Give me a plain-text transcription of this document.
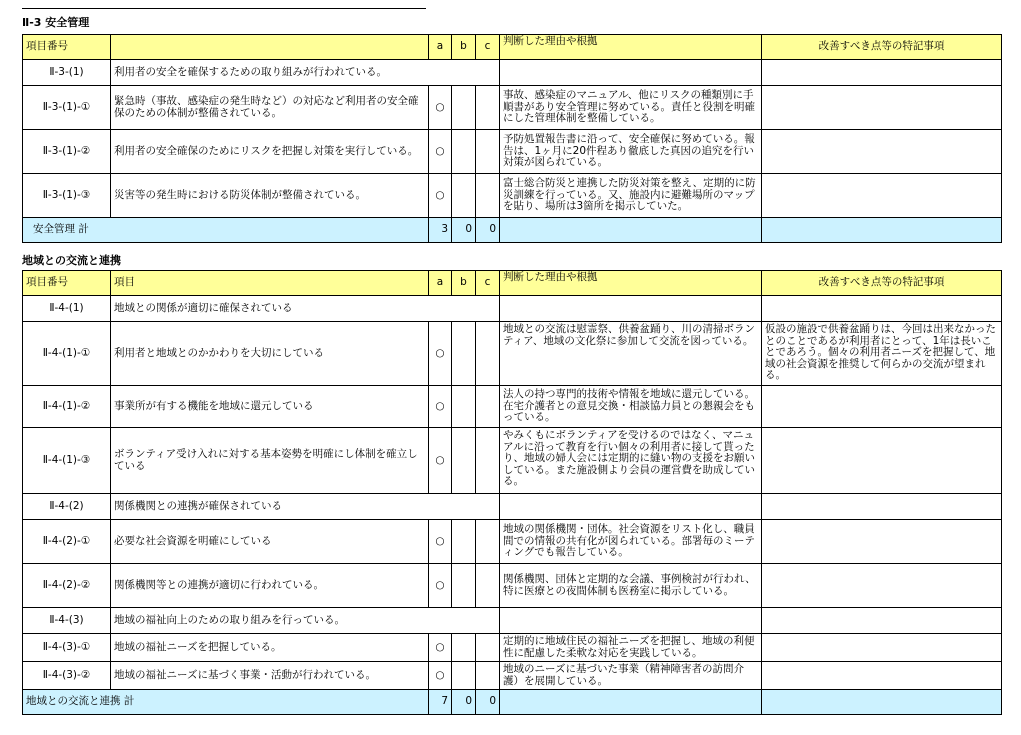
Ⅱ-3 安全管理
項目番号		a	b	c	判断した理由や根拠	改善すべき点等の特記事項
Ⅱ-3-(1)	利用者の安全を確保するための取り組みが行われている。					
Ⅱ-3-(1)-①	緊急時（事故、感染症の発生時など）の対応など利用者の安全確保のための体制が整備されている。	○			事故、感染症のマニュアル、他にリスクの種類別に手順書があり安全管理に努めている。責任と役割を明確にした管理体制を整備している。	
Ⅱ-3-(1)-②	利用者の安全確保のためにリスクを把握し対策を実行している。	○			予防処置報告書に沿って、安全確保に努めている。報告は、1ヶ月に20件程あり徹底した真因の追究を行い対策が図られている。	
Ⅱ-3-(1)-③	災害等の発生時における防災体制が整備されている。	○			富士総合防災と連携した防災対策を整え、定期的に防災訓練を行っている。又、施設内に避難場所のマップを貼り、場所は3箇所を掲示していた。	
安全管理 計		3	0	0		
地域との交流と連携
項目番号	項目	a	b	c	判断した理由や根拠	改善すべき点等の特記事項
Ⅱ-4-(1)	地域との関係が適切に確保されている					
Ⅱ-4-(1)-①	利用者と地域とのかかわりを大切にしている	○			地域との交流は慰霊祭、供養盆踊り、川の清掃ボランティア、地域の文化祭に参加して交流を図っている。	仮設の施設で供養盆踊りは、今回は出来なかったとのことであるが利用者にとって、1年は長いことであろう。個々の利用者ニーズを把握して、地域の社会資源を推奨して何らかの交流が望まれる。
Ⅱ-4-(1)-②	事業所が有する機能を地域に還元している	○			法人の持つ専門的技術や情報を地域に還元している。在宅介護者との意見交換・相談協力員との懇親会をもっている。	
Ⅱ-4-(1)-③	ボランティア受け入れに対する基本姿勢を明確にし体制を確立している	○			やみくもにボランティアを受けるのではなく、マニュアルに沿って教育を行い個々の利用者に接して貰ったり、地域の婦人会には定期的に縫い物の支援をお願いしている。また施設側より会員の運営費を助成している。	

Ⅱ-4-(2)	関係機関との連携が確保されている					
Ⅱ-4-(2)-①	必要な社会資源を明確にしている	○			地域の関係機関・団体。社会資源をリスト化し、職員間での情報の共有化が図られている。部署毎のミーティングでも報告している。	
Ⅱ-4-(2)-②	関係機関等との連携が適切に行われている。	○			関係機関、団体と定期的な会議、事例検討が行われ、特に医療との夜間体制も医務室に掲示している。	
Ⅱ-4-(3)	地域の福祉向上のための取り組みを行っている。					
Ⅱ-4-(3)-①	地域の福祉ニーズを把握している。	○			定期的に地域住民の福祉ニーズを把握し、地域の利便性に配慮した柔軟な対応を実践している。	
Ⅱ-4-(3)-②	地域の福祉ニーズに基づく事業・活動が行われている。	○			地域のニーズに基づいた事業（精神障害者の訪問介護）を展開している。	
地域との交流と連携 計		7	0	0		
